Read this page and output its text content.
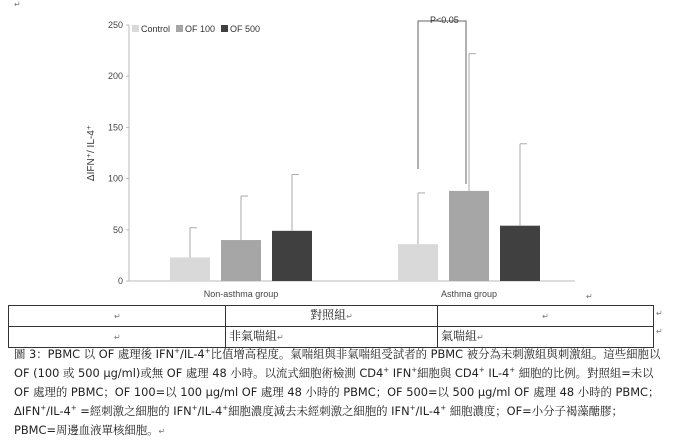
ΔIFN⁺/ IL-4⁺
0
50
100
150
200
250
Non-asthma group	Asthma group
Control OF 100 OF 500
P<0.05
↵
↵
↵	對照組↵	↵
↵	非氣喘組↵	氣喘組↵
↵
↵
圖 3：PBMC 以 OF 處理後 IFN+/IL-4+比值增高程度。氣喘組與非氣喘組受試者的 PBMC 被分為未刺激組與刺激組。這些細胞以 OF (100 或 500 μg/ml)或無 OF 處理 48 小時。以流式細胞術檢測 CD4+ IFN+細胞與 CD4+ IL-4+ 細胞的比例。對照組=未以 OF 處理的 PBMC；OF 100=以 100 μg/ml OF 處理 48 小時的 PBMC；OF 500=以 500 μg/ml OF 處理 48 小時的 PBMC；ΔIFN+/IL-4+ =經刺激之細胞的 IFN+/IL-4+細胞濃度減去未經刺激之細胞的 IFN+/IL-4+ 細胞濃度；OF=小分子褐藻醣膠；PBMC=周邊血液單核細胞。↵
